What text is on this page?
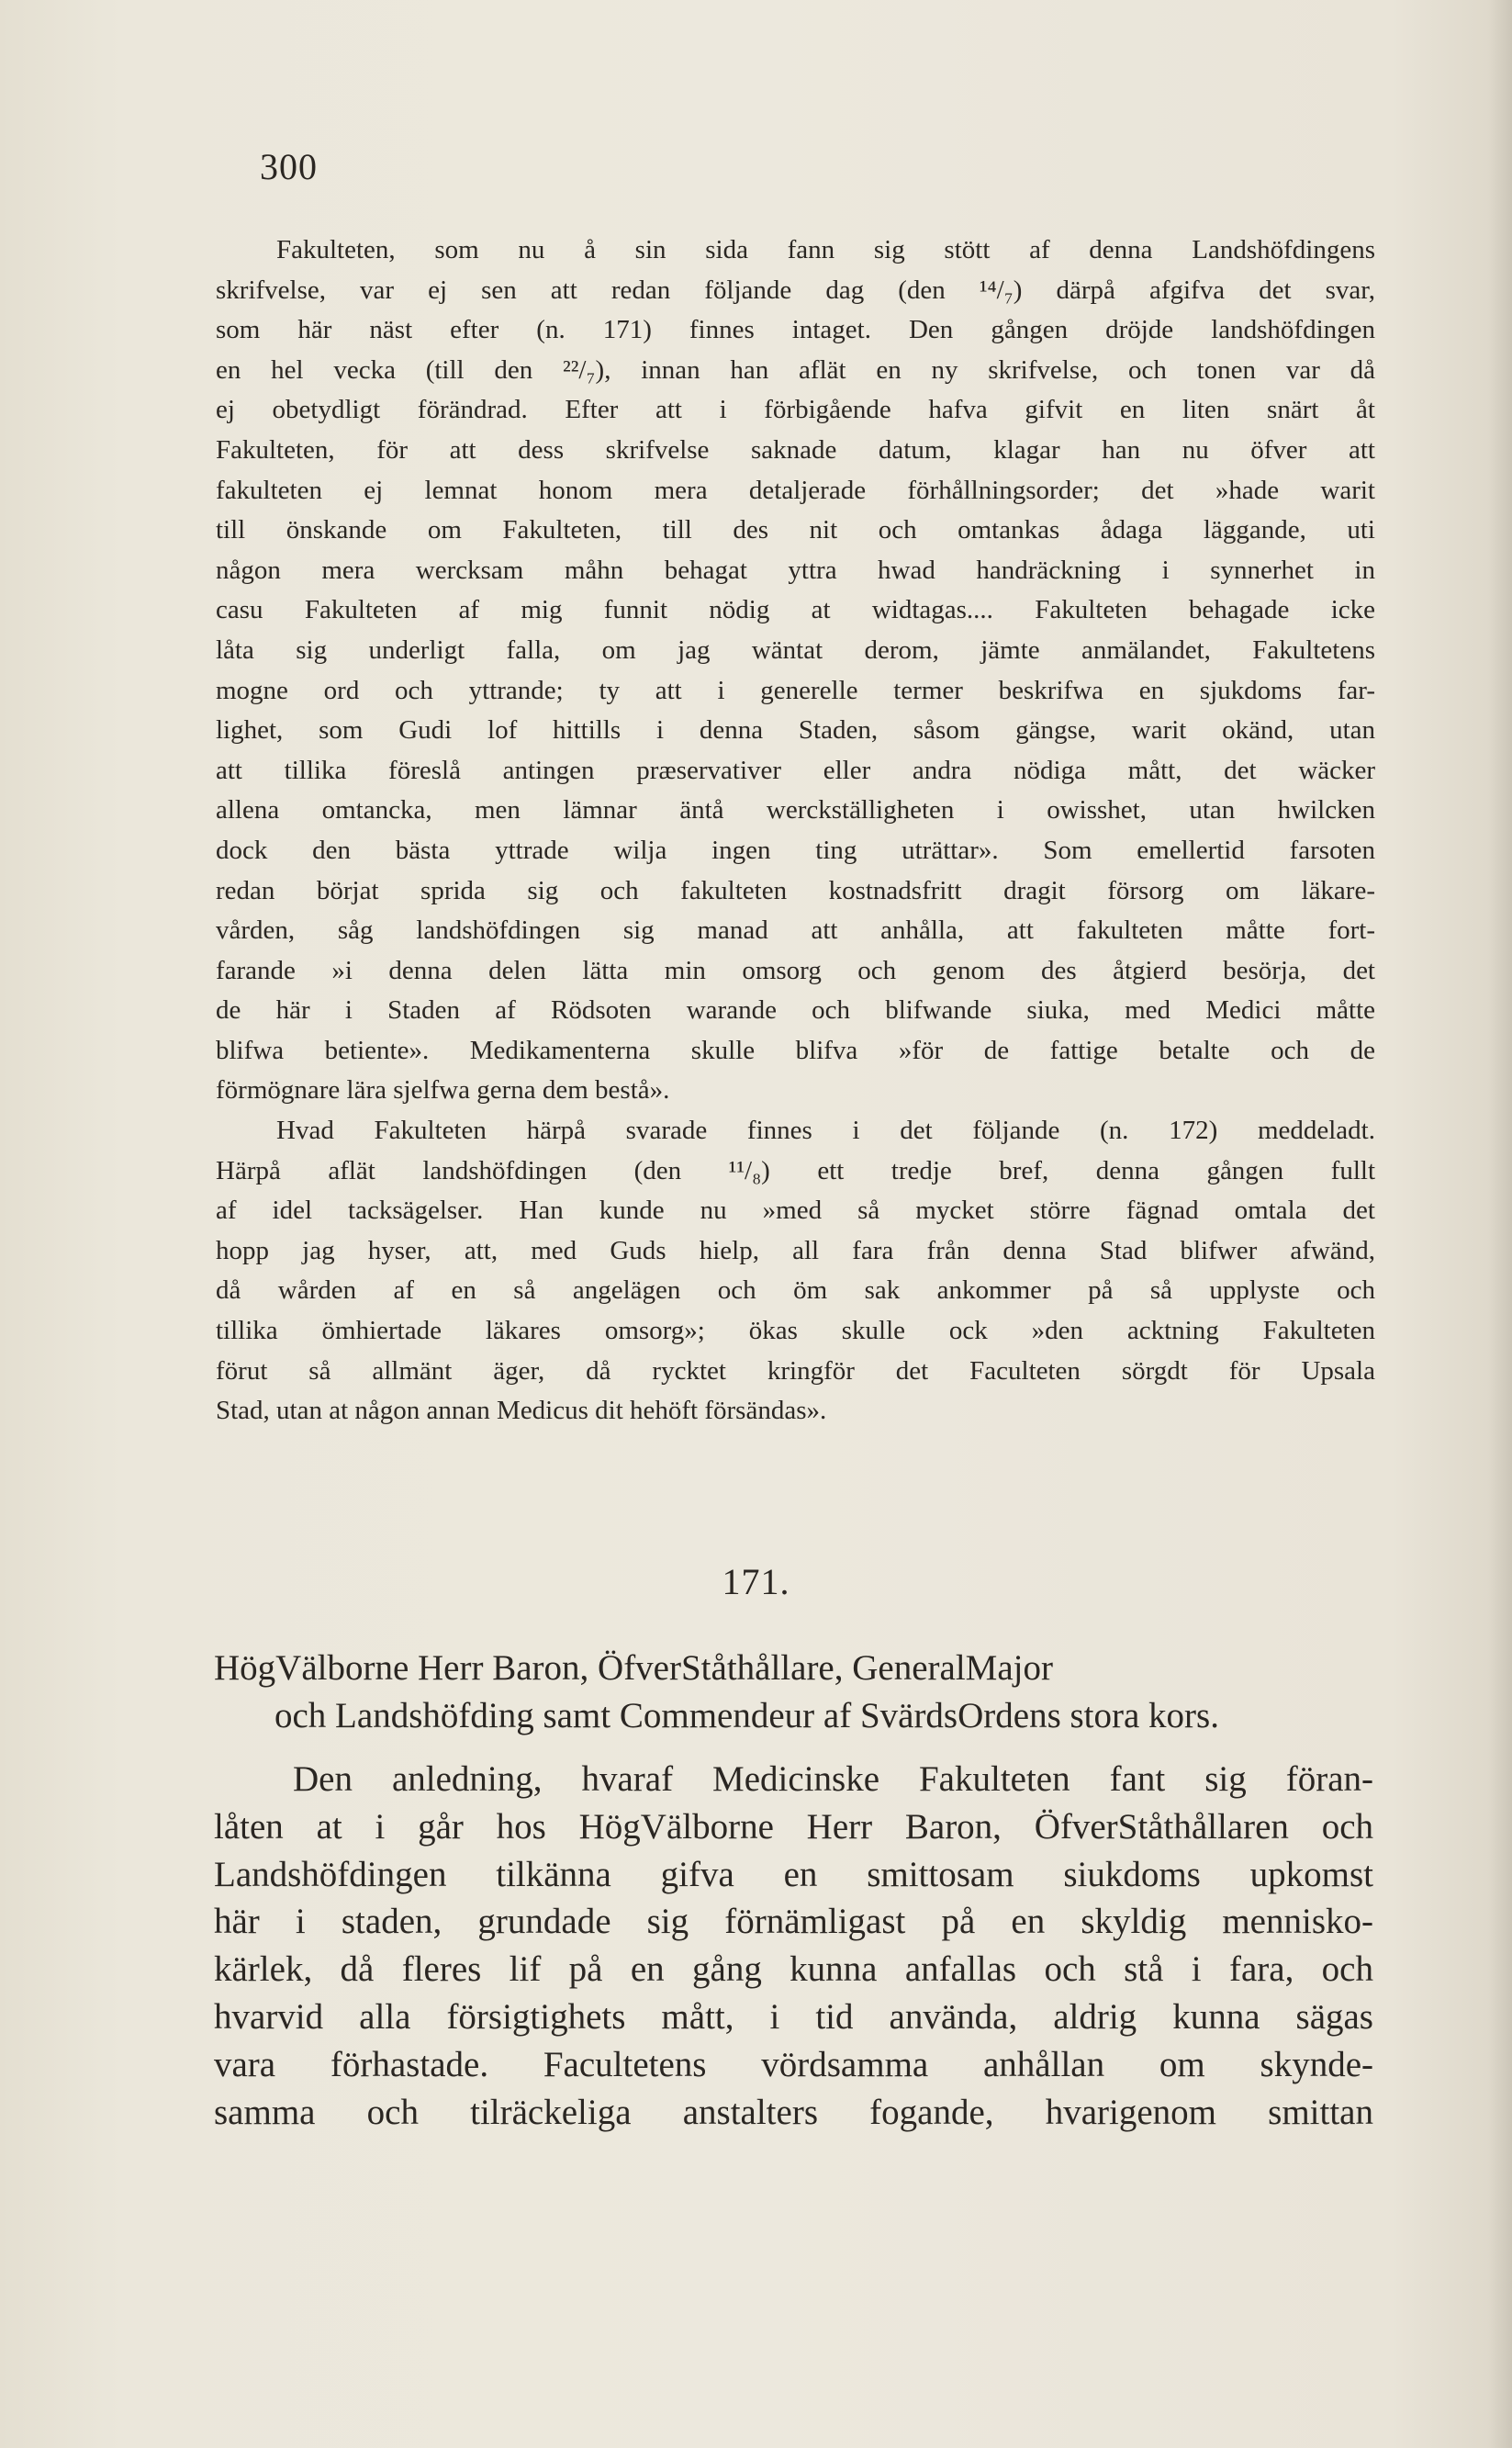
300
Fakulteten, som nu å sin sida fann sig stött af denna Landshöfdingens
skrifvelse, var ej sen att redan följande dag (den ¹⁴/₇) därpå afgifva det svar,
som här näst efter (n. 171) finnes intaget. Den gången dröjde landshöfdingen
en hel vecka (till den ²²/₇), innan han aflät en ny skrifvelse, och tonen var då
ej obetydligt förändrad. Efter att i förbigående hafva gifvit en liten snärt åt
Fakulteten, för att dess skrifvelse saknade datum, klagar han nu öfver att
fakulteten ej lemnat honom mera detaljerade förhållningsorder; det »hade warit
till önskande om Fakulteten, till des nit och omtankas ådaga läggande, uti
någon mera wercksam måhn behagat yttra hwad handräckning i synnerhet in
casu Fakulteten af mig funnit nödig at widtagas.... Fakulteten behagade icke
låta sig underligt falla, om jag wäntat derom, jämte anmälandet, Fakultetens
mogne ord och yttrande; ty att i generelle termer beskrifwa en sjukdoms far-
lighet, som Gudi lof hittills i denna Staden, såsom gängse, warit okänd, utan
att tillika föreslå antingen præservativer eller andra nödiga mått, det wäcker
allena omtancka, men lämnar äntå werckställigheten i owisshet, utan hwilcken
dock den bästa yttrade wilja ingen ting uträttar». Som emellertid farsoten
redan börjat sprida sig och fakulteten kostnadsfritt dragit försorg om läkare-
vården, såg landshöfdingen sig manad att anhålla, att fakulteten måtte fort-
farande »i denna delen lätta min omsorg och genom des åtgierd besörja, det
de här i Staden af Rödsoten warande och blifwande siuka, med Medici måtte
blifwa betiente». Medikamenterna skulle blifva »för de fattige betalte och de
förmögnare lära sjelfwa gerna dem bestå».
Hvad Fakulteten härpå svarade finnes i det följande (n. 172) meddeladt.
Härpå aflät landshöfdingen (den ¹¹/₈) ett tredje bref, denna gången fullt
af idel tacksägelser. Han kunde nu »med så mycket större fägnad omtala det
hopp jag hyser, att, med Guds hielp, all fara från denna Stad blifwer afwänd,
då wården af en så angelägen och öm sak ankommer på så upplyste och
tillika ömhiertade läkares omsorg»; ökas skulle ock »den acktning Fakulteten
förut så allmänt äger, då rycktet kringför det Faculteten sörgdt för Upsala
Stad, utan at någon annan Medicus dit hehöft försändas».
171.
HögVälborne Herr Baron, ÖfverStåthållare, GeneralMajor
och Landshöfding samt Commendeur af SvärdsOrdens stora kors.
Den anledning, hvaraf Medicinske Fakulteten fant sig föran-
låten at i går hos HögVälborne Herr Baron, ÖfverStåthållaren och
Landshöfdingen tilkänna gifva en smittosam siukdoms upkomst
här i staden, grundade sig förnämligast på en skyldig mennisko-
kärlek, då fleres lif på en gång kunna anfallas och stå i fara, och
hvarvid alla försigtighets mått, i tid använda, aldrig kunna sägas
vara förhastade. Facultetens vördsamma anhållan om skynde-
samma och tilräckeliga anstalters fogande, hvarigenom smittan
